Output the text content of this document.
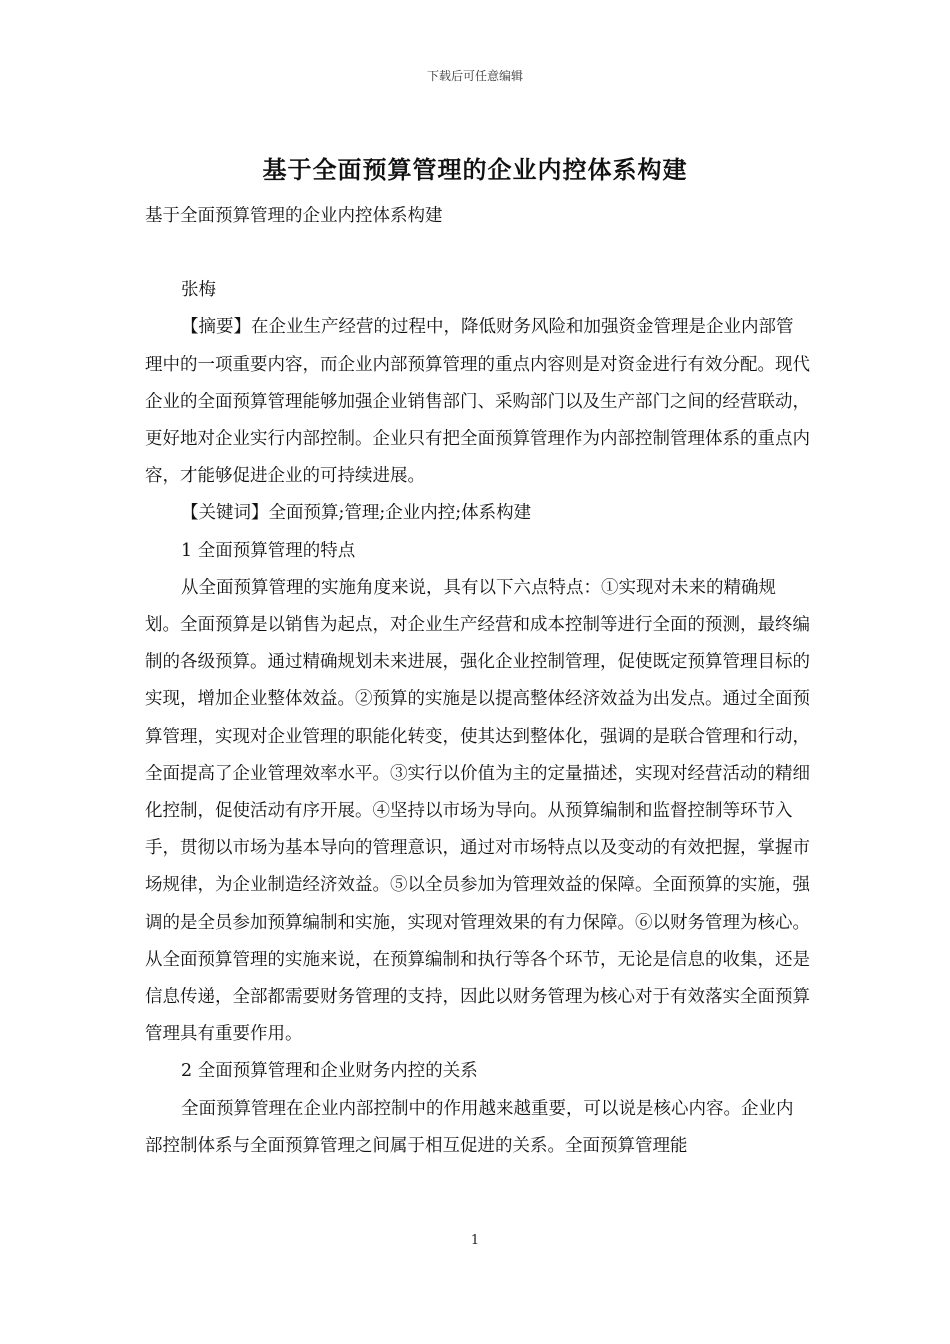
下载后可任意编辑
基于全面预算管理的企业内控体系构建

基于全面预算管理的企业内控体系构建

张梅

【摘要】在企业生产经营的过程中，降低财务风险和加强资金管理是企业内部管理中的一项重要内容，而企业内部预算管理的重点内容则是对资金进行有效分配。现代企业的全面预算管理能够加强企业销售部门、采购部门以及生产部门之间的经营联动，更好地对企业实行内部控制。企业只有把全面预算管理作为内部控制管理体系的重点内容，才能够促进企业的可持续进展。

【关键词】全面预算;管理;企业内控;体系构建

1 全面预算管理的特点

从全面预算管理的实施角度来说，具有以下六点特点：①实现对未来的精确规划。全面预算是以销售为起点，对企业生产经营和成本控制等进行全面的预测，最终编制的各级预算。通过精确规划未来进展，强化企业控制管理，促使既定预算管理目标的实现，增加企业整体效益。②预算的实施是以提高整体经济效益为出发点。通过全面预算管理，实现对企业管理的职能化转变，使其达到整体化，强调的是联合管理和行动，全面提高了企业管理效率水平。③实行以价值为主的定量描述，实现对经营活动的精细化控制，促使活动有序开展。④坚持以市场为导向。从预算编制和监督控制等环节入手，贯彻以市场为基本导向的管理意识，通过对市场特点以及变动的有效把握，掌握市场规律，为企业制造经济效益。⑤以全员参加为管理效益的保障。全面预算的实施，强调的是全员参加预算编制和实施，实现对管理效果的有力保障。⑥以财务管理为核心。从全面预算管理的实施来说，在预算编制和执行等各个环节，无论是信息的收集，还是信息传递，全部都需要财务管理的支持，因此以财务管理为核心对于有效落实全面预算管理具有重要作用。

2 全面预算管理和企业财务内控的关系

全面预算管理在企业内部控制中的作用越来越重要，可以说是核心内容。企业内部控制体系与全面预算管理之间属于相互促进的关系。全面预算管理能

1
